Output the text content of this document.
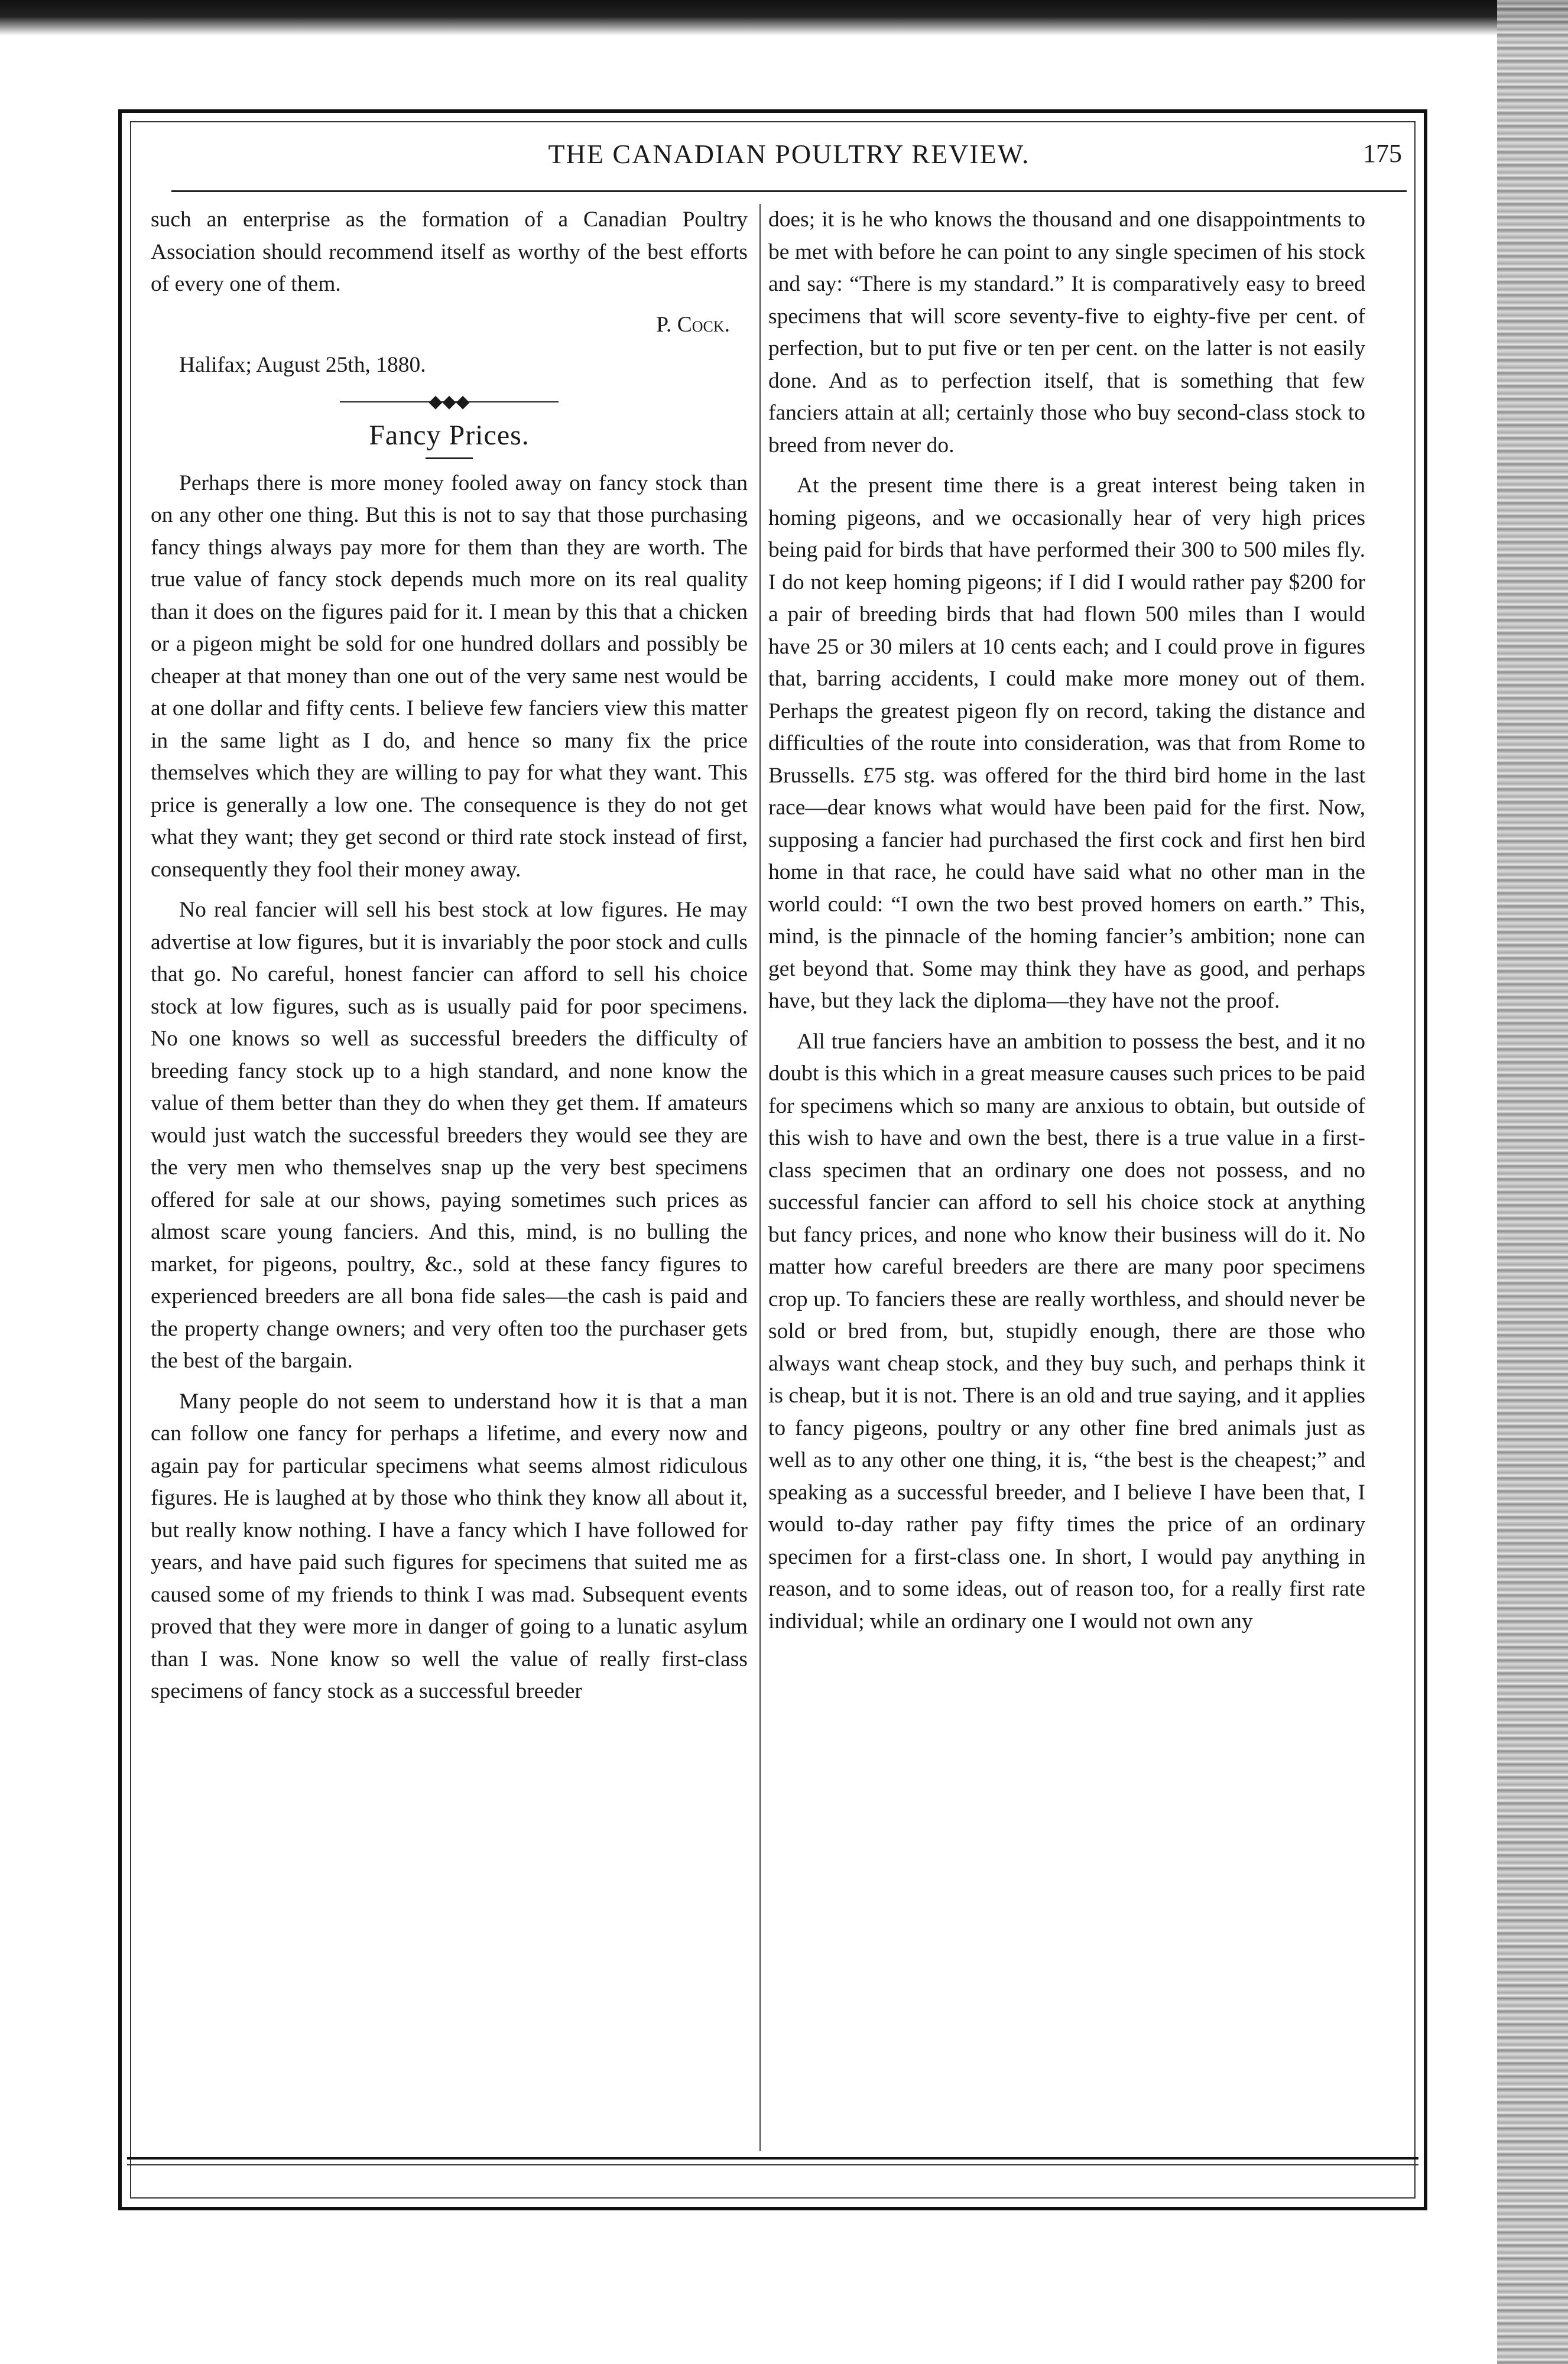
THE CANADIAN POULTRY REVIEW.	175

such an enterprise as the formation of a Canadian Poultry Association should recommend itself as worthy of the best efforts of every one of them.

P. Cock.

Halifax; August 25th, 1880.

◆◆◆
Fancy Prices.

Perhaps there is more money fooled away on fancy stock than on any other one thing. But this is not to say that those purchasing fancy things always pay more for them than they are worth. The true value of fancy stock depends much more on its real quality than it does on the figures paid for it. I mean by this that a chicken or a pigeon might be sold for one hundred dollars and possibly be cheaper at that money than one out of the very same nest would be at one dollar and fifty cents. I believe few fanciers view this matter in the same light as I do, and hence so many fix the price themselves which they are willing to pay for what they want. This price is generally a low one. The consequence is they do not get what they want; they get second or third rate stock instead of first, consequently they fool their money away.

No real fancier will sell his best stock at low figures. He may advertise at low figures, but it is invariably the poor stock and culls that go. No careful, honest fancier can afford to sell his choice stock at low figures, such as is usually paid for poor specimens. No one knows so well as successful breeders the difficulty of breeding fancy stock up to a high standard, and none know the value of them better than they do when they get them. If amateurs would just watch the successful breeders they would see they are the very men who themselves snap up the very best specimens offered for sale at our shows, paying sometimes such prices as almost scare young fanciers. And this, mind, is no bulling the market, for pigeons, poultry, &c., sold at these fancy figures to experienced breeders are all bona fide sales—the cash is paid and the property change owners; and very often too the purchaser gets the best of the bargain.

Many people do not seem to understand how it is that a man can follow one fancy for perhaps a lifetime, and every now and again pay for particular specimens what seems almost ridiculous figures. He is laughed at by those who think they know all about it, but really know nothing. I have a fancy which I have followed for years, and have paid such figures for specimens that suited me as caused some of my friends to think I was mad. Subsequent events proved that they were more in danger of going to a lunatic asylum than I was. None know so well the value of really first-class specimens of fancy stock as a successful breeder

does; it is he who knows the thousand and one disappointments to be met with before he can point to any single specimen of his stock and say: “There is my standard.” It is comparatively easy to breed specimens that will score seventy-five to eighty-five per cent. of perfection, but to put five or ten per cent. on the latter is not easily done. And as to perfection itself, that is something that few fanciers attain at all; certainly those who buy second-class stock to breed from never do.

At the present time there is a great interest being taken in homing pigeons, and we occasionally hear of very high prices being paid for birds that have performed their 300 to 500 miles fly. I do not keep homing pigeons; if I did I would rather pay $200 for a pair of breeding birds that had flown 500 miles than I would have 25 or 30 milers at 10 cents each; and I could prove in figures that, barring accidents, I could make more money out of them. Perhaps the greatest pigeon fly on record, taking the distance and difficulties of the route into consideration, was that from Rome to Brussells. £75 stg. was offered for the third bird home in the last race—dear knows what would have been paid for the first. Now, supposing a fancier had purchased the first cock and first hen bird home in that race, he could have said what no other man in the world could: “I own the two best proved homers on earth.” This, mind, is the pinnacle of the homing fancier’s ambition; none can get beyond that. Some may think they have as good, and perhaps have, but they lack the diploma—they have not the proof.

All true fanciers have an ambition to possess the best, and it no doubt is this which in a great measure causes such prices to be paid for specimens which so many are anxious to obtain, but outside of this wish to have and own the best, there is a true value in a first-class specimen that an ordinary one does not possess, and no successful fancier can afford to sell his choice stock at anything but fancy prices, and none who know their business will do it. No matter how careful breeders are there are many poor specimens crop up. To fanciers these are really worthless, and should never be sold or bred from, but, stupidly enough, there are those who always want cheap stock, and they buy such, and perhaps think it is cheap, but it is not. There is an old and true saying, and it applies to fancy pigeons, poultry or any other fine bred animals just as well as to any other one thing, it is, “the best is the cheapest;” and speaking as a successful breeder, and I believe I have been that, I would to-day rather pay fifty times the price of an ordinary specimen for a first-class one. In short, I would pay anything in reason, and to some ideas, out of reason too, for a really first rate individual; while an ordinary one I would not own any
